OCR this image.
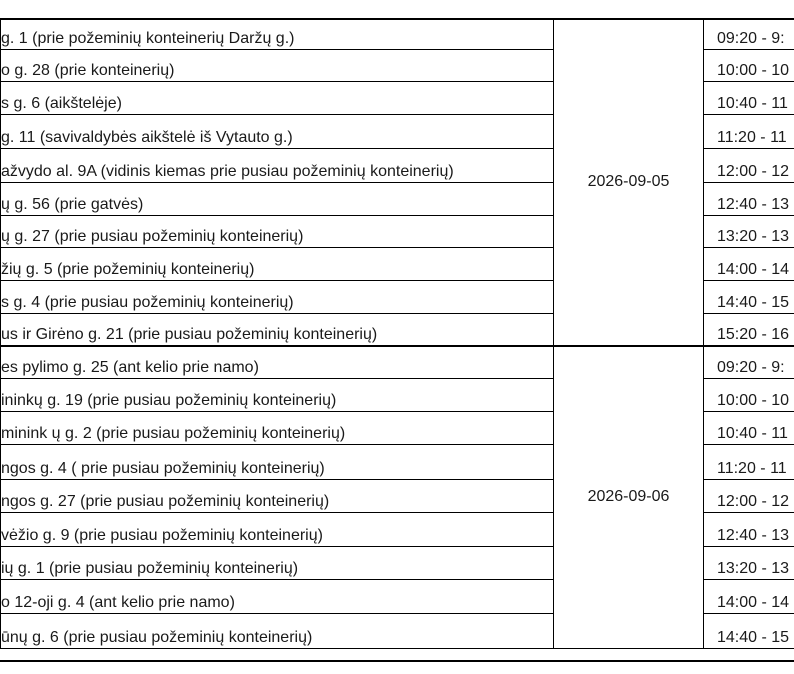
g. 1 (prie požeminių konteinerių Daržų g.)	2026-09-05	09:20 - 9:
o g. 28 (prie konteinerių)		10:00 - 10
s g. 6 (aikštelėje)		10:40 - 11
g. 11 (savivaldybės aikštelė iš Vytauto g.)		11:20 - 11
ažvydo al. 9A (vidinis kiemas prie pusiau požeminių konteinerių)		12:00 - 12
ų g. 56 (prie gatvės)		12:40 - 13
ų g. 27 (prie pusiau požeminių konteinerių)		13:20 - 13
žių g. 5 (prie požeminių konteinerių)		14:00 - 14
s g. 4 (prie pusiau požeminių konteinerių)		14:40 - 15
us ir Girėno g. 21 (prie pusiau požeminių konteinerių)		15:20 - 16
es pylimo g. 25 (ant kelio prie namo)	2026-09-06	09:20 - 9:
ininkų g. 19 (prie pusiau požeminių konteinerių)		10:00 - 10
minink ų g. 2 (prie pusiau požeminių konteinerių)		10:40 - 11
ngos g. 4 ( prie pusiau požeminių konteinerių)		11:20 - 11
ngos g. 27 (prie pusiau požeminių konteinerių)		12:00 - 12
vėžio g. 9 (prie pusiau požeminių konteinerių)		12:40 - 13
ių g. 1 (prie pusiau požeminių konteinerių)		13:20 - 13
o 12-oji g. 4 (ant kelio prie namo)		14:00 - 14
ūnų g. 6 (prie pusiau požeminių konteinerių)		14:40 - 15
